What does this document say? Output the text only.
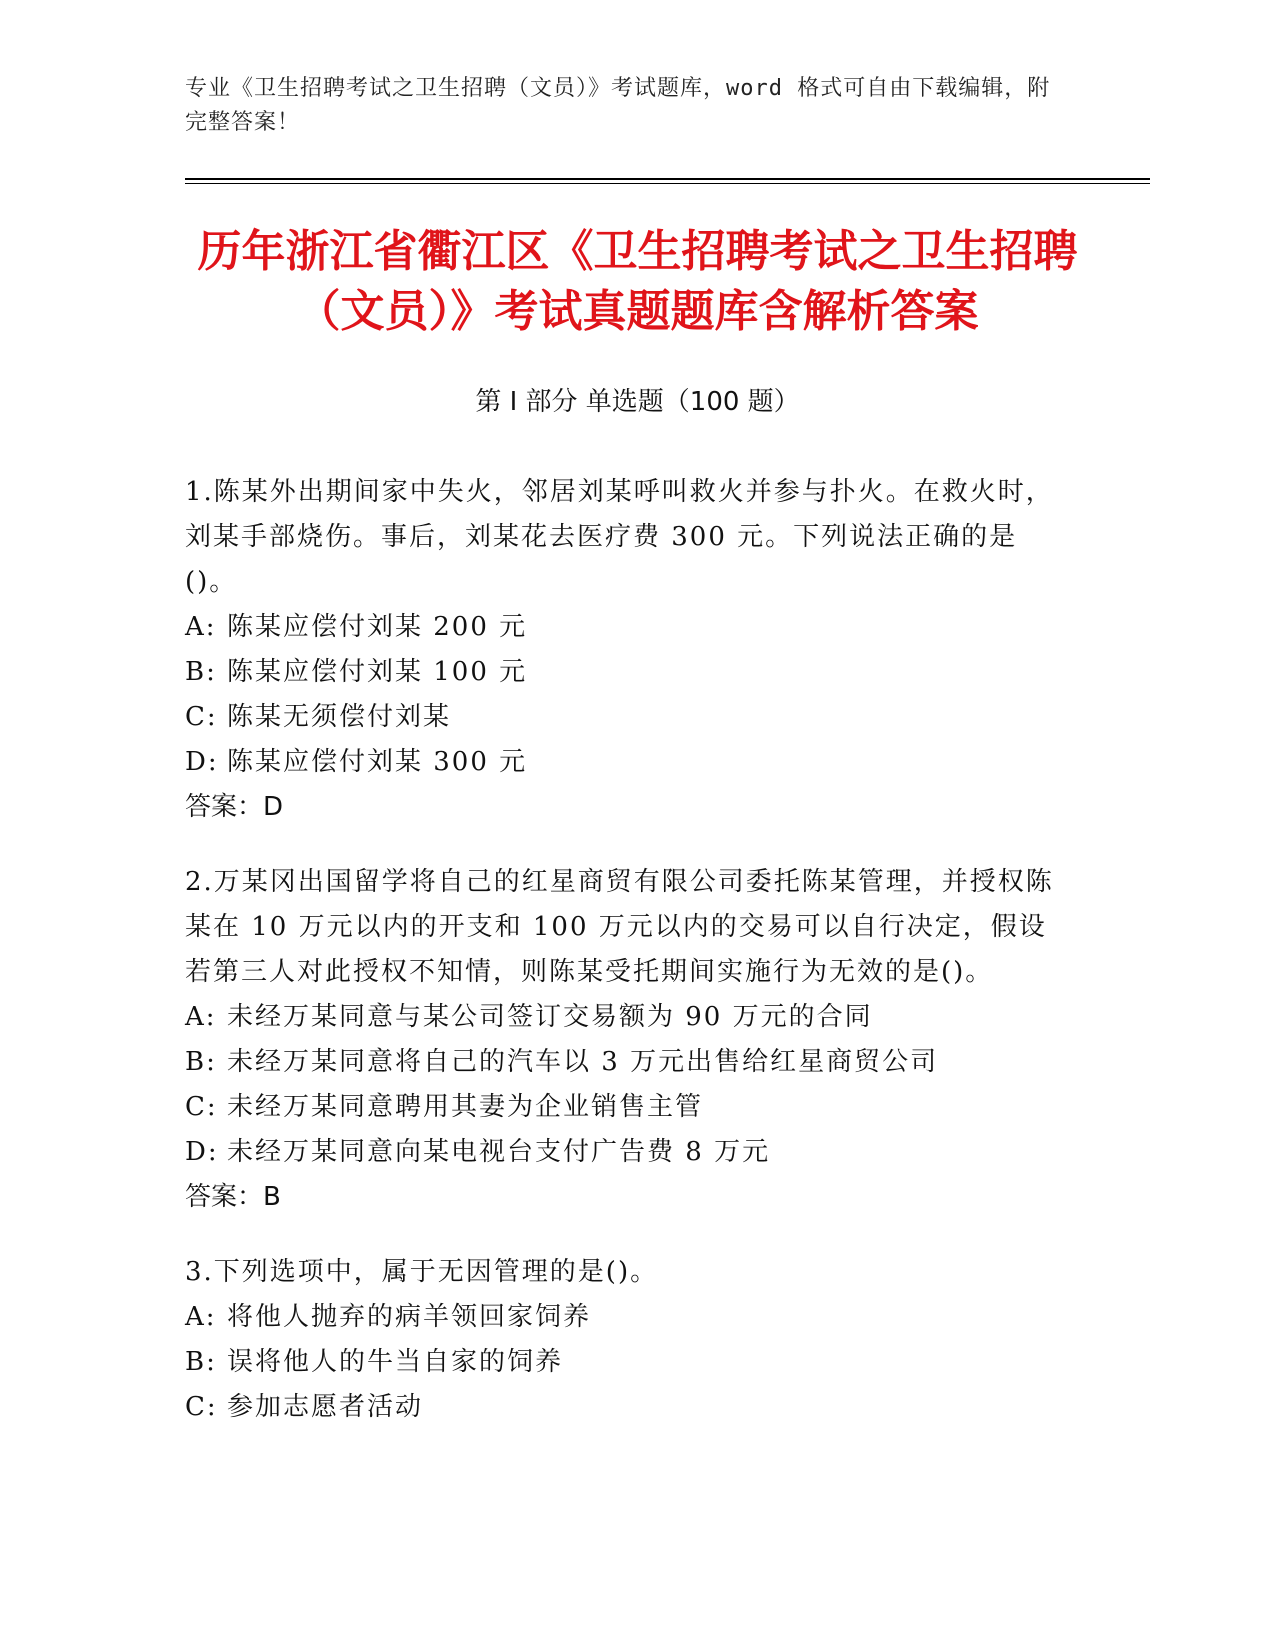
专业《卫生招聘考试之卫生招聘（文员）》考试题库，word 格式可自由下载编辑，附完整答案！
历年浙江省衢江区《卫生招聘考试之卫生招聘（文员）》考试真题题库含解析答案
第 I 部分 单选题（100 题）

1.陈某外出期间家中失火，邻居刘某呼叫救火并参与扑火。在救火时，刘某手部烧伤。事后，刘某花去医疗费 300 元。下列说法正确的是()。

A: 陈某应偿付刘某 200 元

B: 陈某应偿付刘某 100 元

C: 陈某无须偿付刘某

D: 陈某应偿付刘某 300 元

答案：D

2.万某冈出国留学将自己的红星商贸有限公司委托陈某管理，并授权陈某在 10 万元以内的开支和 100 万元以内的交易可以自行决定，假设若第三人对此授权不知情，则陈某受托期间实施行为无效的是()。

A: 未经万某同意与某公司签订交易额为 90 万元的合同

B: 未经万某同意将自己的汽车以 3 万元出售给红星商贸公司

C: 未经万某同意聘用其妻为企业销售主管

D: 未经万某同意向某电视台支付广告费 8 万元

答案：B

3.下列选项中，属于无因管理的是()。

A: 将他人抛弃的病羊领回家饲养

B: 误将他人的牛当自家的饲养

C: 参加志愿者活动
